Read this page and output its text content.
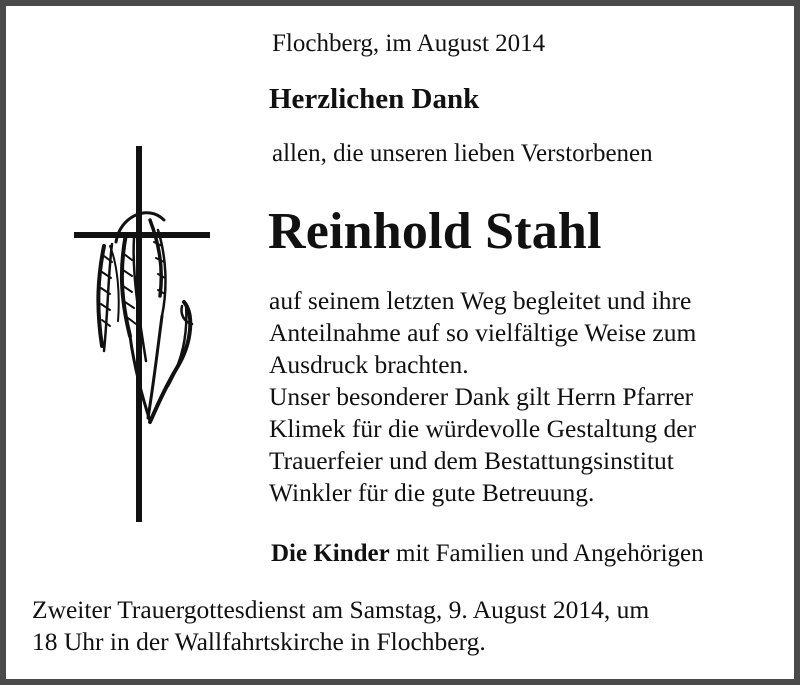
Flochberg, im August 2014

Herzlichen Dank

allen, die unseren lieben Verstorbenen

Reinhold Stahl

auf seinem letzten Weg begleitet und ihre
Anteilnahme auf so vielfältige Weise zum
Ausdruck brachten.
Unser besonderer Dank gilt Herrn Pfarrer
Klimek für die würdevolle Gestaltung der
Trauerfeier und dem Bestattungsinstitut
Winkler für die gute Betreuung.

Die Kinder mit Familien und Angehörigen

Zweiter Trauergottesdienst am Samstag, 9. August 2014, um
18 Uhr in der Wallfahrtskirche in Flochberg.
